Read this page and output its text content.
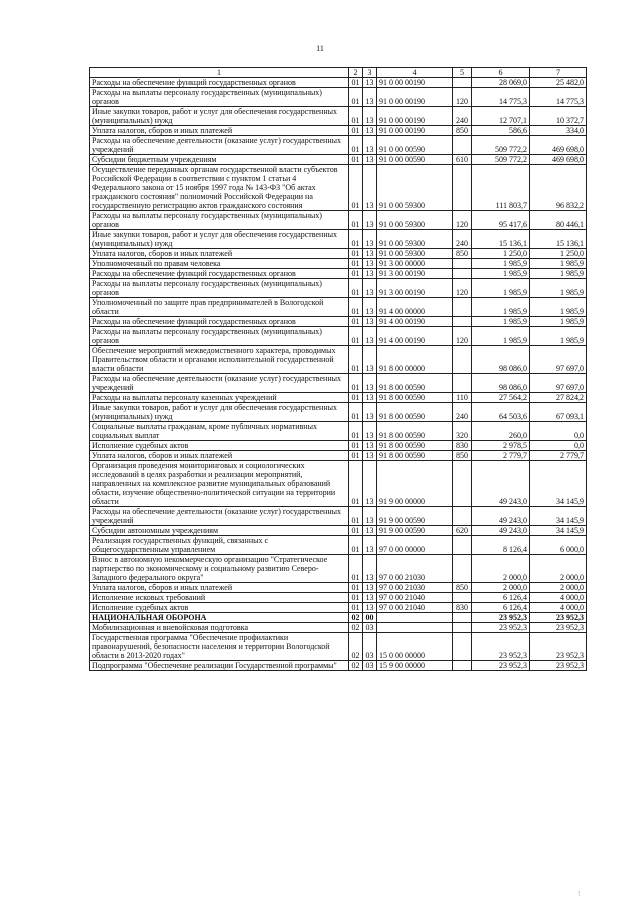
11
1	2	3	4	5	6	7
Расходы на обеспечение функций государственных органов	01	13	91 0 00 00190		28 069,0	25 482,0
Расходы на выплаты персоналу государственных (муниципальных) органов	01	13	91 0 00 00190	120	14 775,3	14 775,3
Иные закупки товаров, работ и услуг для обеспечения государственных (муниципальных) нужд	01	13	91 0 00 00190	240	12 707,1	10 372,7
Уплата налогов, сборов и иных платежей	01	13	91 0 00 00190	850	586,6	334,0
Расходы на обеспечение деятельности (оказание услуг) государственных учреждений	01	13	91 0 00 00590		509 772,2	469 698,0
Субсидии бюджетным учреждениям	01	13	91 0 00 00590	610	509 772,2	469 698,0
Осуществление переданных органам государственной власти субъектов Российской Федерации в соответствии с пунктом 1 статьи 4 Федерального закона от 15 ноября 1997 года № 143-ФЗ "Об актах гражданского состояния" полномочий Российской Федерации на государственную регистрацию актов гражданского состояния	01	13	91 0 00 59300		111 803,7	96 832,2
Расходы на выплаты персоналу государственных (муниципальных) органов	01	13	91 0 00 59300	120	95 417,6	80 446,1
Иные закупки товаров, работ и услуг для обеспечения государственных (муниципальных) нужд	01	13	91 0 00 59300	240	15 136,1	15 136,1
Уплата налогов, сборов и иных платежей	01	13	91 0 00 59300	850	1 250,0	1 250,0
Уполномоченный по правам человека	01	13	91 3 00 00000		1 985,9	1 985,9
Расходы на обеспечение функций государственных органов	01	13	91 3 00 00190		1 985,9	1 985,9
Расходы на выплаты персоналу государственных (муниципальных) органов	01	13	91 3 00 00190	120	1 985,9	1 985,9
Уполномоченный по защите прав предпринимателей в Вологодской области	01	13	91 4 00 00000		1 985,9	1 985,9
Расходы на обеспечение функций государственных органов	01	13	91 4 00 00190		1 985,9	1 985,9
Расходы на выплаты персоналу государственных (муниципальных) органов	01	13	91 4 00 00190	120	1 985,9	1 985,9
Обеспечение мероприятий межведомственного характера, проводимых Правительством области и органами исполнительной государственной власти области	01	13	91 8 00 00000		98 086,0	97 697,0
Расходы на обеспечение деятельности (оказание услуг) государственных учреждений	01	13	91 8 00 00590		98 086,0	97 697,0
Расходы на выплаты персоналу казенных учреждений	01	13	91 8 00 00590	110	27 564,2	27 824,2
Иные закупки товаров, работ и услуг для обеспечения государственных (муниципальных) нужд	01	13	91 8 00 00590	240	64 503,6	67 093,1
Социальные выплаты гражданам, кроме публичных нормативных социальных выплат	01	13	91 8 00 00590	320	260,0	0,0
Исполнение судебных актов	01	13	91 8 00 00590	830	2 978,5	0,0
Уплата налогов, сборов и иных платежей	01	13	91 8 00 00590	850	2 779,7	2 779,7
Организация проведения мониторинговых и социологических исследований в целях разработки и реализации мероприятий, направленных на комплексное развитие муниципальных образований области, изучение общественно-политической ситуации на территории области	01	13	91 9 00 00000		49 243,0	34 145,9
Расходы на обеспечение деятельности (оказание услуг) государственных учреждений	01	13	91 9 00 00590		49 243,0	34 145,9
Субсидии автономным учреждениям	01	13	91 9 00 00590	620	49 243,0	34 145,9
Реализация государственных функций, связанных с общегосударственным управлением	01	13	97 0 00 00000		8 126,4	6 000,0
Взнос в автономную некоммерческую организацию "Стратегическое партнерство по экономическому и социальному развитию Северо-Западного федерального округа"	01	13	97 0 00 21030		2 000,0	2 000,0
Уплата налогов, сборов и иных платежей	01	13	97 0 00 21030	850	2 000,0	2 000,0
Исполнение исковых требований	01	13	97 0 00 21040		6 126,4	4 000,0
Исполнение судебных актов	01	13	97 0 00 21040	830	6 126,4	4 000,0
НАЦИОНАЛЬНАЯ ОБОРОНА	02	00			23 952,3	23 952,3
Мобилизационная и вневойсковая подготовка	02	03			23 952,3	23 952,3
Государственная программа "Обеспечение профилактики правонарушений, безопасности населения и территории Вологодской области в 2013-2020 годах"	02	03	15 0 00 00000		23 952,3	23 952,3
Подпрограмма "Обеспечение реализации Государственной программы"	02	03	15 9 00 00000		23 952,3	23 952,3
!
